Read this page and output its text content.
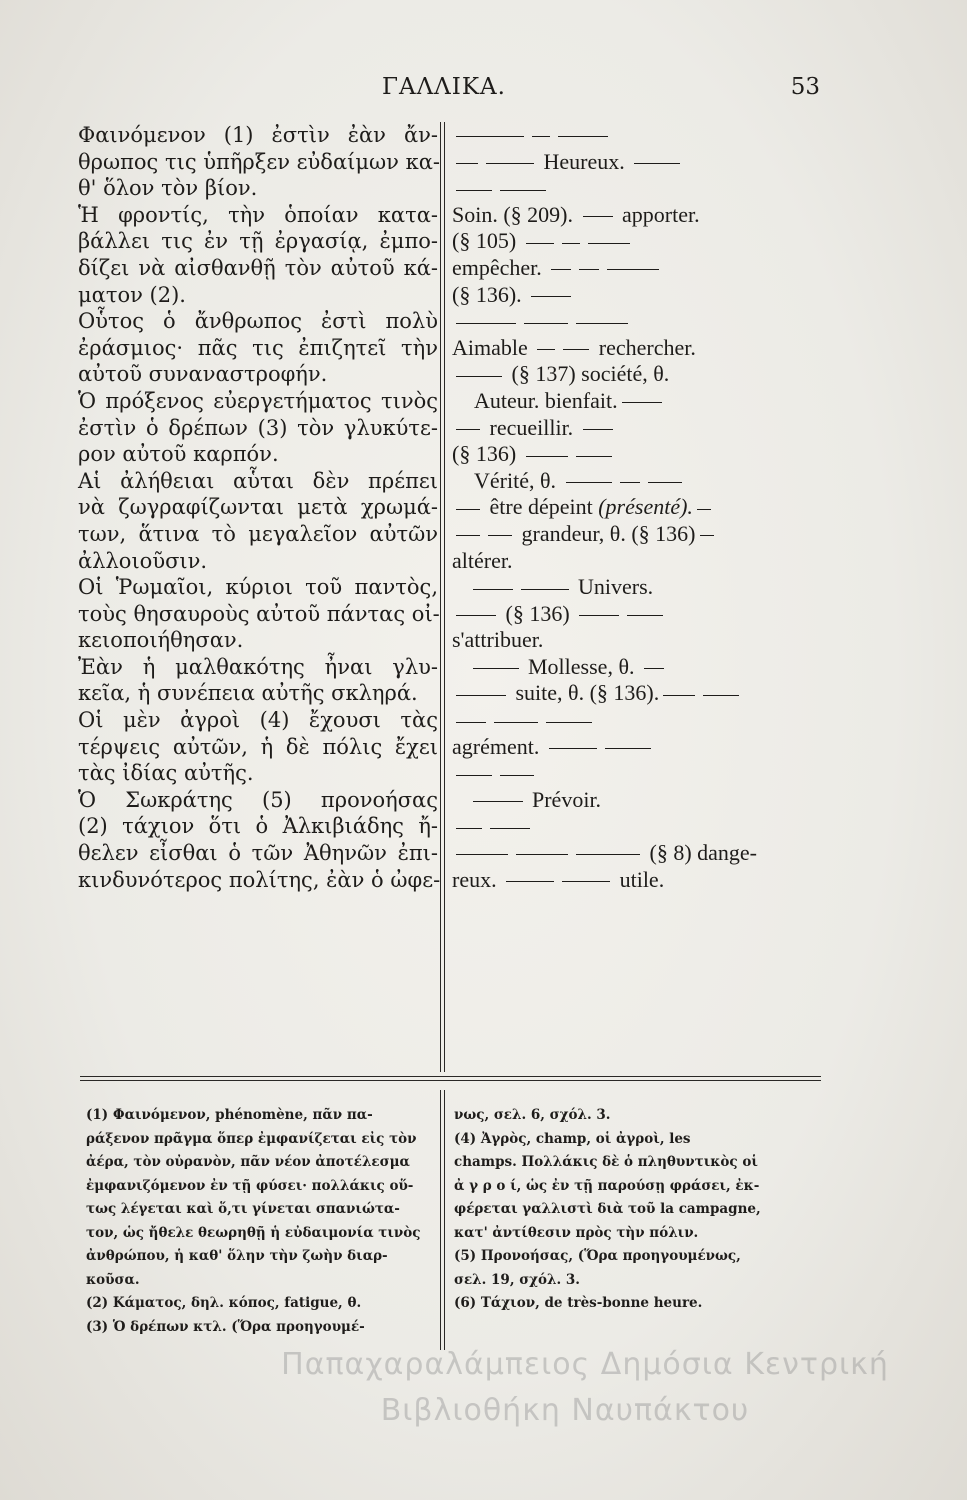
ΓΑΛΛΙΚΑ.	53
Φαινόμενον (1) ἐστὶν ἐὰν ἄν-
θρωπος τις ὑπῆρξεν εὐδαίμων κα-
θ' ὅλον τὸν βίον.
Ἡ φροντίς, τὴν ὁποίαν κατα-
βάλλει τις ἐν τῇ ἐργασίᾳ, ἐμπο-
δίζει νὰ αἰσθανθῇ τὸν αὐτοῦ κά-
ματον (2).
Οὗτος ὁ ἄνθρωπος ἐστὶ πολὺ
ἐράσμιος· πᾶς τις ἐπιζητεῖ τὴν
αὐτοῦ συναναστροφήν.
Ὁ πρόξενος εὐεργετήματος τινὸς
ἐστὶν ὁ δρέπων (3) τὸν γλυκύτε-
ρον αὐτοῦ καρπόν.
Αἱ ἀλήθειαι αὗται δὲν πρέπει
νὰ ζωγραφίζωνται μετὰ χρωμά-
των, ἅτινα τὸ μεγαλεῖον αὐτῶν
ἀλλοιοῦσιν.
Οἱ Ῥωμαῖοι, κύριοι τοῦ παντὸς,
τοὺς θησαυροὺς αὐτοῦ πάντας οἰ-
κειοποιήθησαν.
Ἐὰν ἡ μαλθακότης ἦναι γλυ-
κεῖα, ἡ συνέπεια αὐτῆς σκληρά.
Οἱ μὲν ἀγροὶ (4) ἔχουσι τὰς
τέρψεις αὐτῶν, ἡ δὲ πόλις ἔχει
τὰς ἰδίας αὐτῆς.
Ὁ Σωκράτης (5) προνοήσας
(2) τάχιον ὅτι ὁ Ἀλκιβιάδης ἤ-
θελεν εἶσθαι ὁ τῶν Ἀθηνῶν ἐπι-
κινδυνότερος πολίτης, ἐὰν ὁ ὠφε-
Heureux.
Soin. (§ 209). apporter.
(§ 105)
empêcher.
(§ 136).
Aimable	rechercher.
(§ 137) société, θ.
Auteur. bienfait.
recueillir.
(§ 136)
Vérité, θ.
être dépeint (présenté).
grandeur, θ. (§ 136)
altérer.
Univers.
(§ 136)
s'attribuer.
Mollesse, θ.
suite, θ. (§ 136).
agrément.
Prévoir.
(§ 8) dange-
reux.	utile.
(1) Φαινόμενον, phénomène, πᾶν πα-
ράξενον πρᾶγμα ὅπερ ἐμφανίζεται εἰς τὸν
ἀέρα, τὸν οὐρανὸν, πᾶν νέον ἀποτέλεσμα
ἐμφανιζόμενον ἐν τῇ φύσει· πολλάκις οὕ-
τως λέγεται καὶ ὅ,τι γίνεται σπανιώτα-
τον, ὡς ἤθελε θεωρηθῇ ἡ εὐδαιμονία τινὸς
ἀνθρώπου, ἡ καθ' ὅλην τὴν ζωὴν διαρ-
κοῦσα.
(2) Κάματος, δηλ. κόπος, fatigue, θ.
(3) Ὁ δρέπων κτλ. (Ὅρα προηγουμέ-
νως, σελ. 6, σχόλ. 3.
(4) Ἀγρὸς, champ, οἱ ἀγροὶ, les
champs. Πολλάκις δὲ ὁ πληθυντικὸς οἱ
ἀ γ ρ ο ί, ὡς ἐν τῇ παρούσῃ φράσει, ἐκ-
φέρεται γαλλιστὶ διὰ τοῦ la campagne,
κατ' ἀντίθεσιν πρὸς τὴν πόλιν.
(5) Προνοήσας, (Ὅρα προηγουμένως,
σελ. 19, σχόλ. 3.
(6) Τάχιον, de très-bonne heure.
Παπαχαραλάμπειος Δημόσια Κεντρική
Βιβλιοθήκη Ναυπάκτου
